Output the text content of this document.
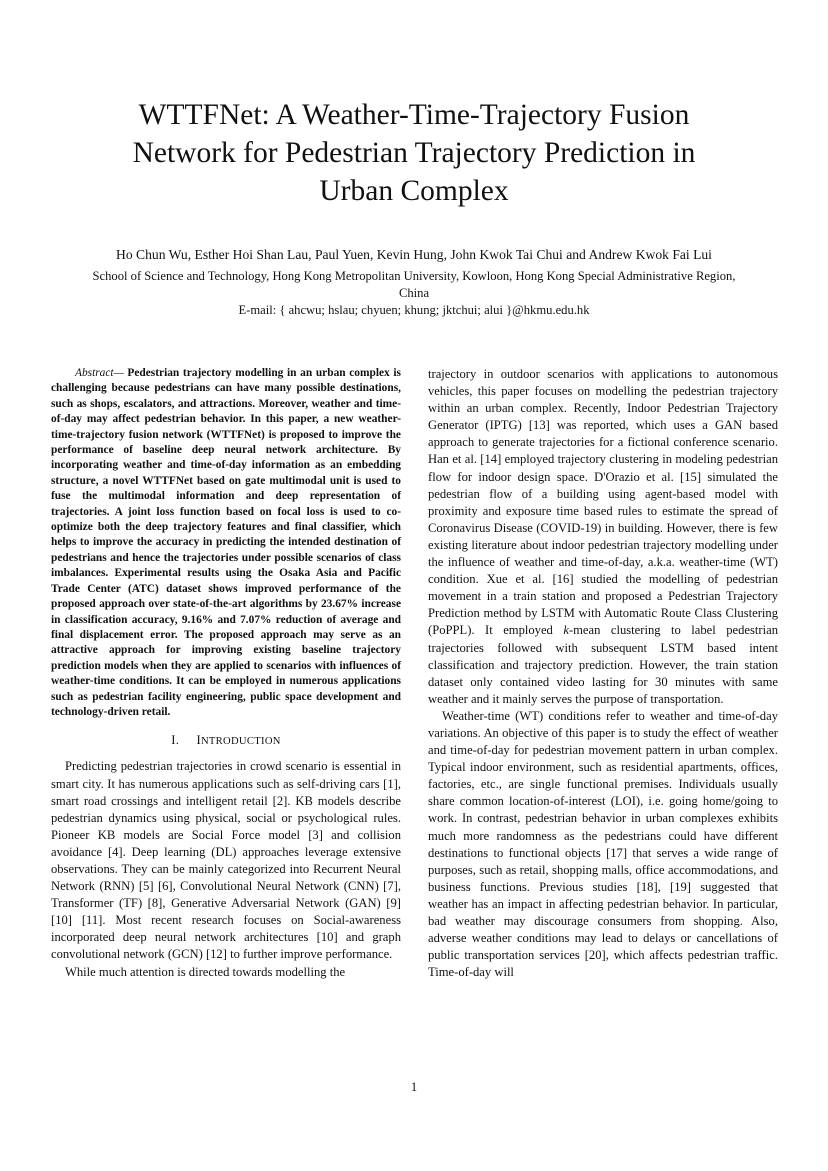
WTTFNet: A Weather-Time-Trajectory Fusion
Network for Pedestrian Trajectory Prediction in
Urban Complex
Ho Chun Wu, Esther Hoi Shan Lau, Paul Yuen, Kevin Hung, John Kwok Tai Chui and Andrew Kwok Fai Lui
School of Science and Technology, Hong Kong Metropolitan University, Kowloon, Hong Kong Special Administrative Region, China
E-mail: { ahcwu; hslau; chyuen; khung; jktchui; alui }@hkmu.edu.hk

Abstract— Pedestrian trajectory modelling in an urban complex is challenging because pedestrians can have many possible destinations, such as shops, escalators, and attractions. Moreover, weather and time-of-day may affect pedestrian behavior. In this paper, a new weather-time-trajectory fusion network (WTTFNet) is proposed to improve the performance of baseline deep neural network architecture. By incorporating weather and time-of-day information as an embedding structure, a novel WTTFNet based on gate multimodal unit is used to fuse the multimodal information and deep representation of trajectories. A joint loss function based on focal loss is used to co-optimize both the deep trajectory features and final classifier, which helps to improve the accuracy in predicting the intended destination of pedestrians and hence the trajectories under possible scenarios of class imbalances. Experimental results using the Osaka Asia and Pacific Trade Center (ATC) dataset shows improved performance of the proposed approach over state-of-the-art algorithms by 23.67% increase in classification accuracy, 9.16% and 7.07% reduction of average and final displacement error. The proposed approach may serve as an attractive approach for improving existing baseline trajectory prediction models when they are applied to scenarios with influences of weather-time conditions. It can be employed in numerous applications such as pedestrian facility engineering, public space development and technology-driven retail.

I. INTRODUCTION

Predicting pedestrian trajectories in crowd scenario is essential in smart city. It has numerous applications such as self-driving cars [1], smart road crossings and intelligent retail [2]. KB models describe pedestrian dynamics using physical, social or psychological rules. Pioneer KB models are Social Force model [3] and collision avoidance [4]. Deep learning (DL) approaches leverage extensive observations. They can be mainly categorized into Recurrent Neural Network (RNN) [5] [6], Convolutional Neural Network (CNN) [7], Transformer (TF) [8], Generative Adversarial Network (GAN) [9] [10] [11]. Most recent research focuses on Social-awareness incorporated deep neural network architectures [10] and graph convolutional network (GCN) [12] to further improve performance.

While much attention is directed towards modelling the

trajectory in outdoor scenarios with applications to autonomous vehicles, this paper focuses on modelling the pedestrian trajectory within an urban complex. Recently, Indoor Pedestrian Trajectory Generator (IPTG) [13] was reported, which uses a GAN based approach to generate trajectories for a fictional conference scenario. Han et al. [14] employed trajectory clustering in modeling pedestrian flow for indoor design space. D'Orazio et al. [15] simulated the pedestrian flow of a building using agent-based model with proximity and exposure time based rules to estimate the spread of Coronavirus Disease (COVID-19) in building. However, there is few existing literature about indoor pedestrian trajectory modelling under the influence of weather and time-of-day, a.k.a. weather-time (WT) condition. Xue et al. [16] studied the modelling of pedestrian movement in a train station and proposed a Pedestrian Trajectory Prediction method by LSTM with Automatic Route Class Clustering (PoPPL). It employed k-mean clustering to label pedestrian trajectories followed with subsequent LSTM based intent classification and trajectory prediction. However, the train station dataset only contained video lasting for 30 minutes with same weather and it mainly serves the purpose of transportation.

Weather-time (WT) conditions refer to weather and time-of-day variations. An objective of this paper is to study the effect of weather and time-of-day for pedestrian movement pattern in urban complex. Typical indoor environment, such as residential apartments, offices, factories, etc., are single functional premises. Individuals usually share common location-of-interest (LOI), i.e. going home/going to work. In contrast, pedestrian behavior in urban complexes exhibits much more randomness as the pedestrians could have different destinations to functional objects [17] that serves a wide range of purposes, such as retail, shopping malls, office accommodations, and business functions. Previous studies [18], [19] suggested that weather has an impact in affecting pedestrian behavior. In particular, bad weather may discourage consumers from shopping. Also, adverse weather conditions may lead to delays or cancellations of public transportation services [20], which affects pedestrian traffic. Time-of-day will

1
